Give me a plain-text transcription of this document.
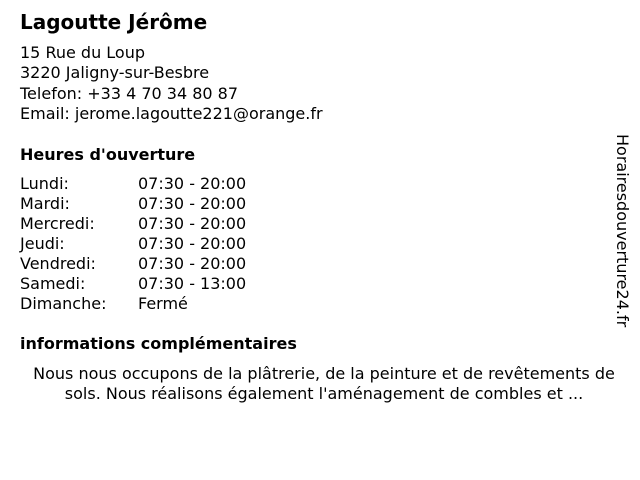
Lagoutte Jérôme
15 Rue du Loup
3220 Jaligny-sur-Besbre
Telefon: +33 4 70 34 80 87
Email: jerome.lagoutte221@orange.fr
Heures d'ouverture
Lundi:	07:30 - 20:00
Mardi:	07:30 - 20:00
Mercredi:	07:30 - 20:00
Jeudi:	07:30 - 20:00
Vendredi:	07:30 - 20:00
Samedi:	07:30 - 13:00
Dimanche:	Fermé
informations complémentaires
Nous nous occupons de la plâtrerie, de la peinture et de revêtements de sols. Nous réalisons également l'aménagement de combles et ...
Horairesdouverture24.fr
